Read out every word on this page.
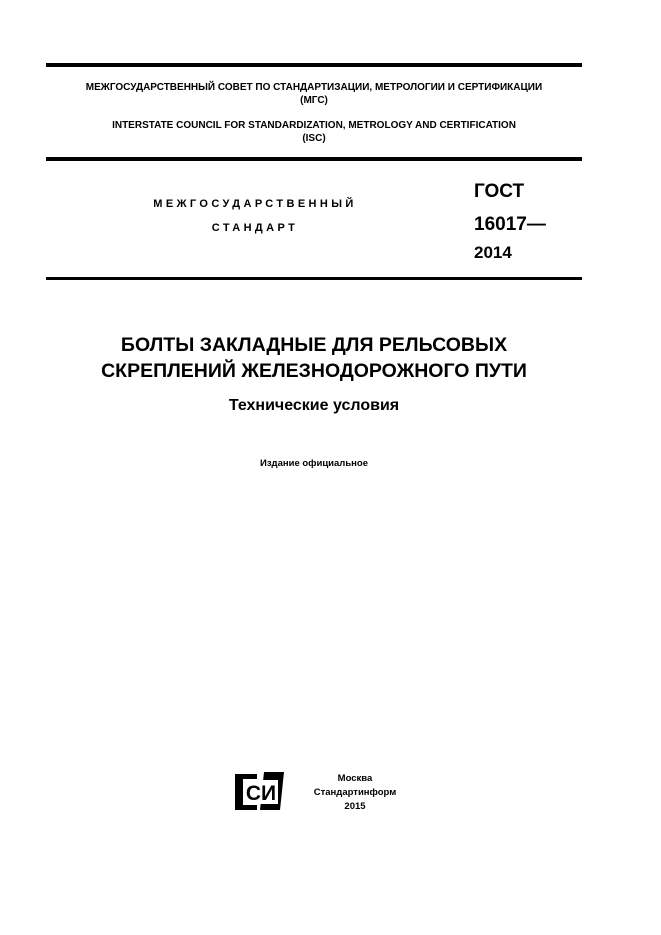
МЕЖГОСУДАРСТВЕННЫЙ СОВЕТ ПО СТАНДАРТИЗАЦИИ, МЕТРОЛОГИИ И СЕРТИФИКАЦИИ
(МГС)
INTERSTATE COUNCIL FOR STANDARDIZATION, METROLOGY AND CERTIFICATION
(ISC)
МЕЖГОСУДАРСТВЕННЫЙ
СТАНДАРТ
ГОСТ
16017—
2014
БОЛТЫ ЗАКЛАДНЫЕ ДЛЯ РЕЛЬСОВЫХ
СКРЕПЛЕНИЙ ЖЕЛЕЗНОДОРОЖНОГО ПУТИ
Технические условия
Издание официальное
СИ
Москва
Стандартинформ
2015
